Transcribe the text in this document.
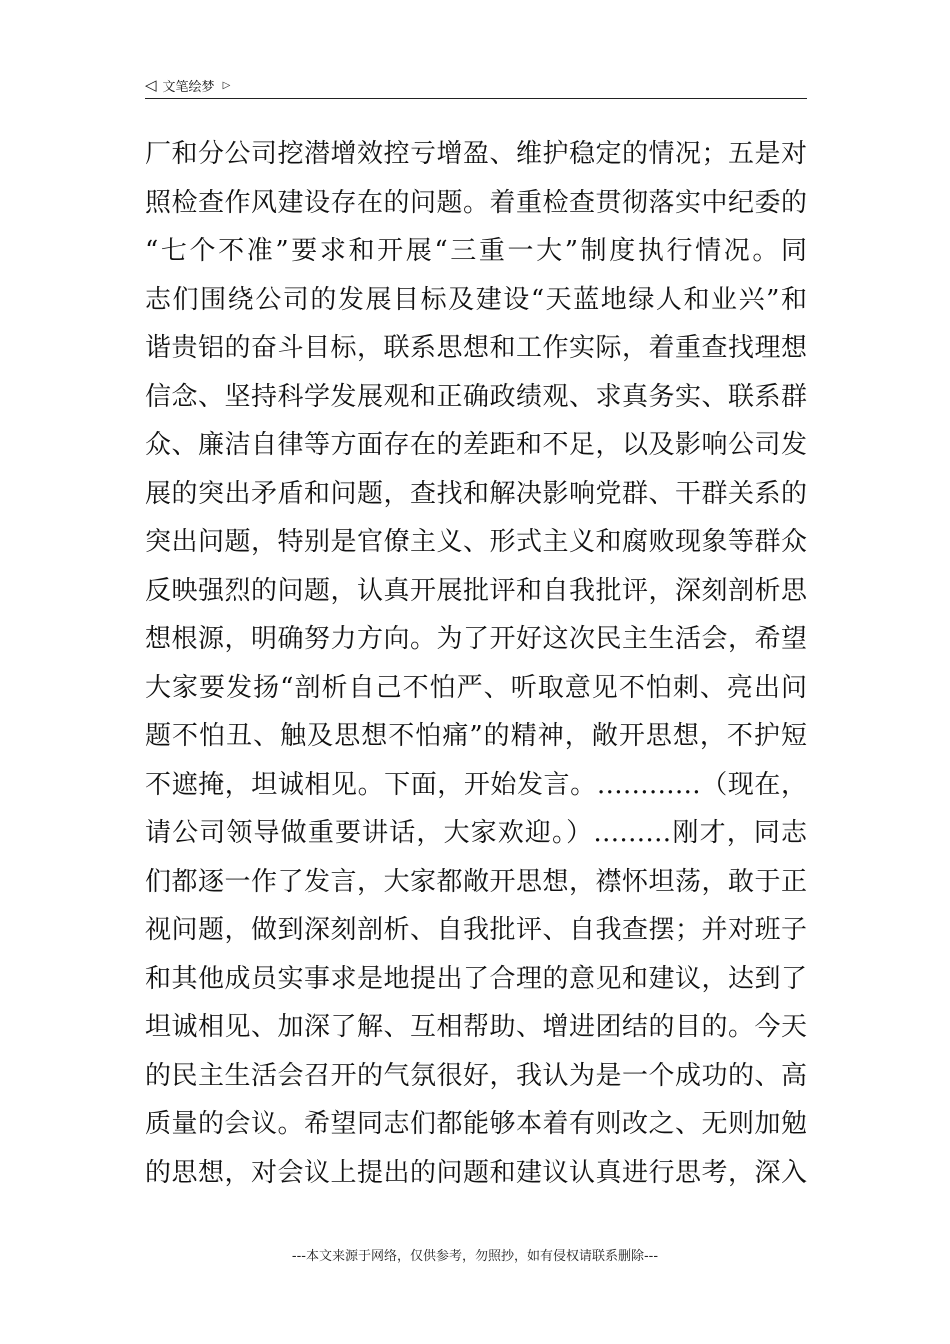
◁ 文笔绘梦 ▷
厂和分公司挖潜增效控亏增盈、维护稳定的情况；五是对
照检查作风建设存在的问题。着重检查贯彻落实中纪委的
“七个不准”要求和开展“三重一大”制度执行情况。同
志们围绕公司的发展目标及建设“天蓝地绿人和业兴”和
谐贵铝的奋斗目标，联系思想和工作实际，着重查找理想
信念、坚持科学发展观和正确政绩观、求真务实、联系群
众、廉洁自律等方面存在的差距和不足，以及影响公司发
展的突出矛盾和问题，查找和解决影响党群、干群关系的
突出问题，特别是官僚主义、形式主义和腐败现象等群众
反映强烈的问题，认真开展批评和自我批评，深刻剖析思
想根源，明确努力方向。为了开好这次民主生活会，希望
大家要发扬“剖析自己不怕严、听取意见不怕刺、亮出问
题不怕丑、触及思想不怕痛”的精神，敞开思想，不护短
不遮掩，坦诚相见。下面，开始发言。…………（现在，
请公司领导做重要讲话，大家欢迎。）………刚才，同志
们都逐一作了发言，大家都敞开思想，襟怀坦荡，敢于正
视问题，做到深刻剖析、自我批评、自我查摆；并对班子
和其他成员实事求是地提出了合理的意见和建议，达到了
坦诚相见、加深了解、互相帮助、增进团结的目的。今天
的民主生活会召开的气氛很好，我认为是一个成功的、高
质量的会议。希望同志们都能够本着有则改之、无则加勉
的思想，对会议上提出的问题和建议认真进行思考，深入
---本文来源于网络，仅供参考，勿照抄，如有侵权请联系删除---
